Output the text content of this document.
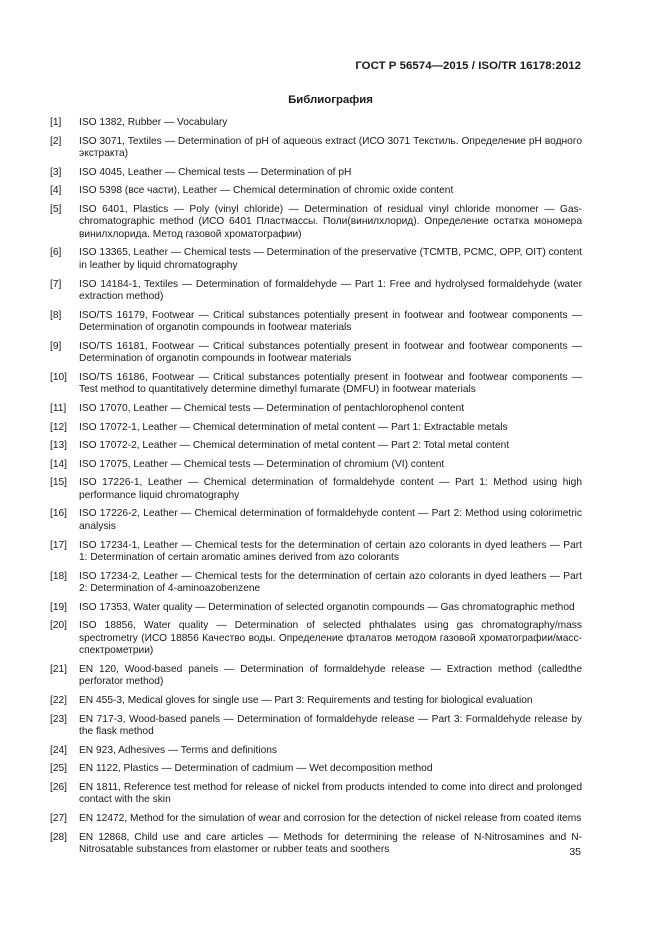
ГОСТ Р 56574—2015 / ISO/TR 16178:2012
Библиография
[1]	ISO 1382, Rubber — Vocabulary
[2]	ISO 3071, Textiles — Determination of pH of aqueous extract (ИСО 3071 Текстиль. Определение рН водного экстракта)
[3]	ISO 4045, Leather — Chemical tests — Determination of pH
[4]	ISO 5398 (все части), Leather — Chemical determination of chromic oxide content
[5]	ISO 6401, Plastics — Poly (vinyl chloride) — Determination of residual vinyl chloride monomer — Gas-chromatographic method (ИСО 6401 Пластмассы. Поли(винилхлорид). Определение остатка мономера винилхлорида. Метод газовой хроматографии)
[6]	ISO 13365, Leather — Chemical tests — Determination of the preservative (TCMTB, PCMC, OPP, OIT) content in leather by liquid chromatography
[7]	ISO 14184-1, Textiles — Determination of formaldehyde — Part 1: Free and hydrolysed formaldehyde (water extraction method)
[8]	ISO/TS 16179, Footwear — Critical substances potentially present in footwear and footwear components — Determination of organotin compounds in footwear materials
[9]	ISO/TS 16181, Footwear — Critical substances potentially present in footwear and footwear components — Determination of organotin compounds in footwear materials
[10]	ISO/TS 16186, Footwear — Critical substances potentially present in footwear and footwear components — Test method to quantitatively determine dimethyl fumarate (DMFU) in footwear materials
[11]	ISO 17070, Leather — Chemical tests — Determination of pentachlorophenol content
[12]	ISO 17072-1, Leather — Chemical determination of metal content — Part 1: Extractable metals
[13]	ISO 17072-2, Leather — Chemical determination of metal content — Part 2: Total metal content
[14]	ISO 17075, Leather — Chemical tests — Determination of chromium (VI) content
[15]	ISO 17226-1, Leather — Chemical determination of formaldehyde content — Part 1: Method using high performance liquid chromatography
[16]	ISO 17226-2, Leather — Chemical determination of formaldehyde content — Part 2: Method using colorimetric analysis
[17]	ISO 17234-1, Leather — Chemical tests for the determination of certain azo colorants in dyed leathers — Part 1: Determination of certain aromatic amines derived from azo colorants
[18]	ISO 17234-2, Leather — Chemical tests for the determination of certain azo colorants in dyed leathers — Part 2: Determination of 4-aminoazobenzene
[19]	ISO 17353, Water quality — Determination of selected organotin compounds — Gas chromatographic method
[20]	ISO 18856, Water quality — Determination of selected phthalates using gas chromatography/mass spectrometry (ИСО 18856 Качество воды. Определение фталатов методом газовой хроматографии/масс-спектрометрии)
[21]	EN 120, Wood-based panels — Determination of formaldehyde release — Extraction method (calledthe perforator method)
[22]	EN 455-3, Medical gloves for single use — Part 3: Requirements and testing for biological evaluation
[23]	EN 717-3, Wood-based panels — Determination of formaldehyde release — Part 3: Formaldehyde release by the flask method
[24]	EN 923, Adhesives — Terms and definitions
[25]	EN 1122, Plastics — Determination of cadmium — Wet decomposition method
[26]	EN 1811, Reference test method for release of nickel from products intended to come into direct and prolonged contact with the skin
[27]	EN 12472, Method for the simulation of wear and corrosion for the detection of nickel release from coated items
[28]	EN 12868, Child use and care articles — Methods for determining the release of N-Nitrosamines and N-Nitrosatable substances from elastomer or rubber teats and soothers	35
